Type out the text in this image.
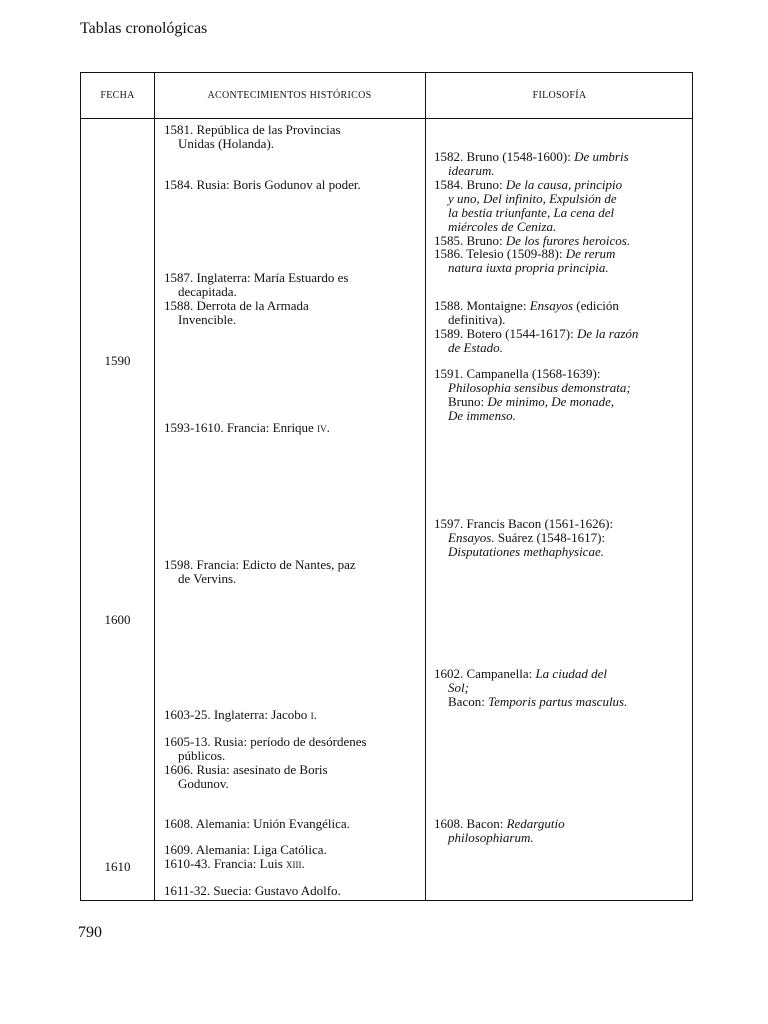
Tablas cronológicas
FECHA	ACONTECIMIENTOS HISTÓRICOS	FILOSOFÍA
1590
1600
1610
1581. República de las Provincias
Unidas (Holanda).
1584. Rusia: Boris Godunov al poder.
1587. Inglaterra: María Estuardo es
decapitada.
1588. Derrota de la Armada
Invencible.
1593-1610. Francia: Enrique iv.
1598. Francia: Edicto de Nantes, paz
de Vervins.
1603-25. Inglaterra: Jacobo i.
1605-13. Rusia: período de desórdenes
públicos.
1606. Rusia: asesinato de Boris
Godunov.
1608. Alemania: Unión Evangélica.
1609. Alemania: Liga Católica.
1610-43. Francia: Luis xiii.
1611-32. Suecia: Gustavo Adolfo.
1582. Bruno (1548-1600): De umbris
idearum.
1584. Bruno: De la causa, principio
y uno, Del infinito, Expulsión de
la bestia triunfante, La cena del
miércoles de Ceniza.
1585. Bruno: De los furores heroicos.
1586. Telesio (1509-88): De rerum
natura iuxta propria principia.
1588. Montaigne: Ensayos (edición
definitiva).
1589. Botero (1544-1617): De la razón
de Estado.
1591. Campanella (1568-1639):
Philosophia sensibus demonstrata;
Bruno: De minimo, De monade,
De immenso.
1597. Francis Bacon (1561-1626):
Ensayos. Suárez (1548-1617):
Disputationes methaphysicae.
1602. Campanella: La ciudad del
Sol;
Bacon: Temporis partus masculus.
1608. Bacon: Redargutio
philosophiarum.
790
